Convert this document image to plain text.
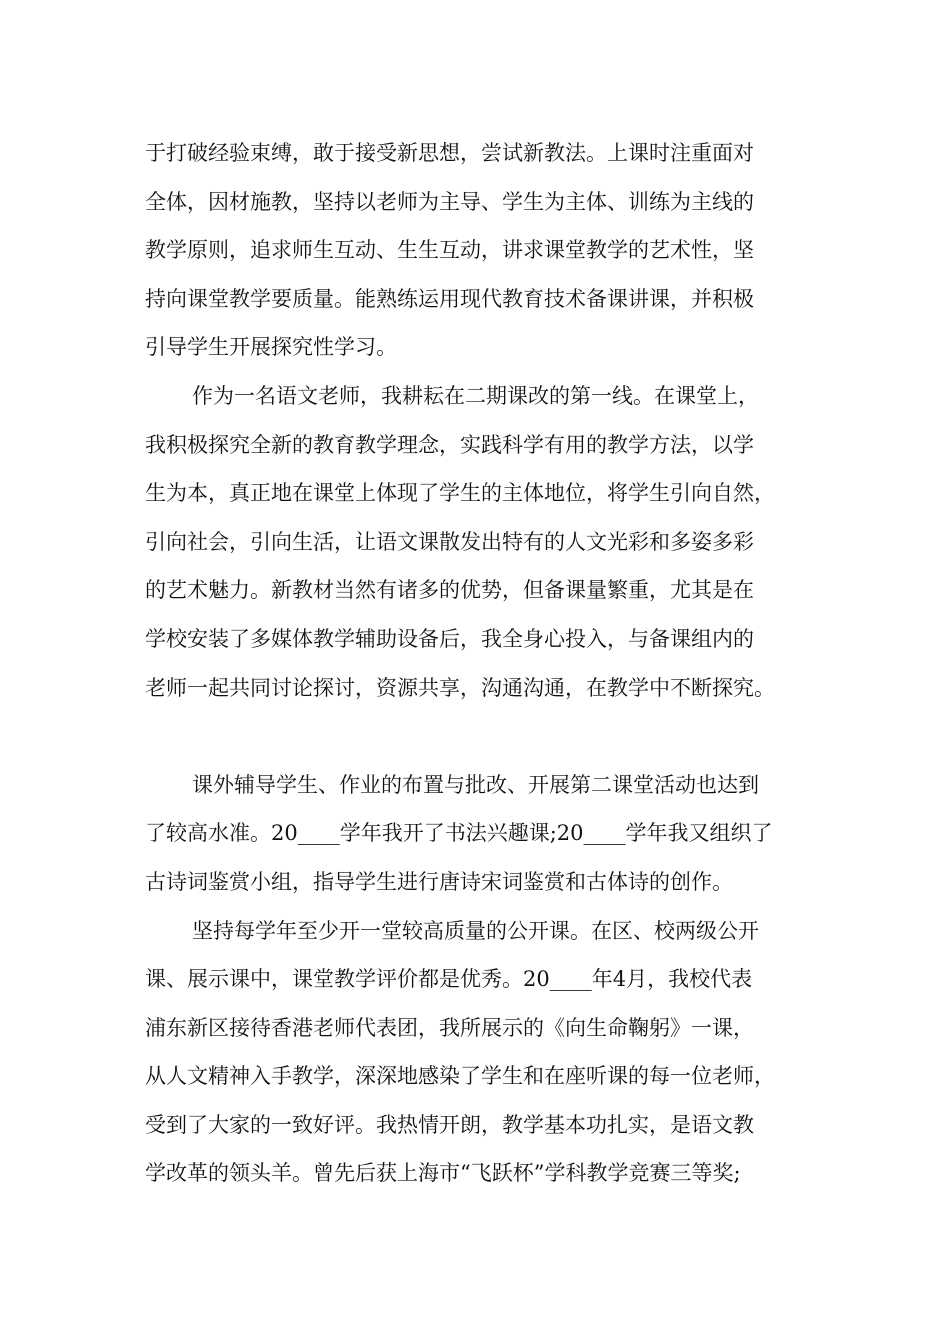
于打破经验束缚，敢于接受新思想，尝试新教法。上课时注重面对
全体，因材施教，坚持以老师为主导、学生为主体、训练为主线的
教学原则，追求师生互动、生生互动，讲求课堂教学的艺术性，坚
持向课堂教学要质量。能熟练运用现代教育技术备课讲课，并积极
引导学生开展探究性学习。
作为一名语文老师，我耕耘在二期课改的第一线。在课堂上，
我积极探究全新的教育教学理念，实践科学有用的教学方法，以学
生为本，真正地在课堂上体现了学生的主体地位，将学生引向自然，
引向社会，引向生活，让语文课散发出特有的人文光彩和多姿多彩
的艺术魅力。新教材当然有诸多的优势，但备课量繁重，尤其是在
学校安装了多媒体教学辅助设备后，我全身心投入，与备课组内的
老师一起共同讨论探讨，资源共享，沟通沟通，在教学中不断探究。
课外辅导学生、作业的布置与批改、开展第二课堂活动也达到
了较高水准。20____学年我开了书法兴趣课;20____学年我又组织了
古诗词鉴赏小组，指导学生进行唐诗宋词鉴赏和古体诗的创作。
坚持每学年至少开一堂较高质量的公开课。在区、校两级公开
课、展示课中，课堂教学评价都是优秀。20____年4月，我校代表
浦东新区接待香港老师代表团，我所展示的《向生命鞠躬》一课，
从人文精神入手教学，深深地感染了学生和在座听课的每一位老师，
受到了大家的一致好评。我热情开朗，教学基本功扎实，是语文教
学改革的领头羊。曾先后获上海市“飞跃杯”学科教学竞赛三等奖;
